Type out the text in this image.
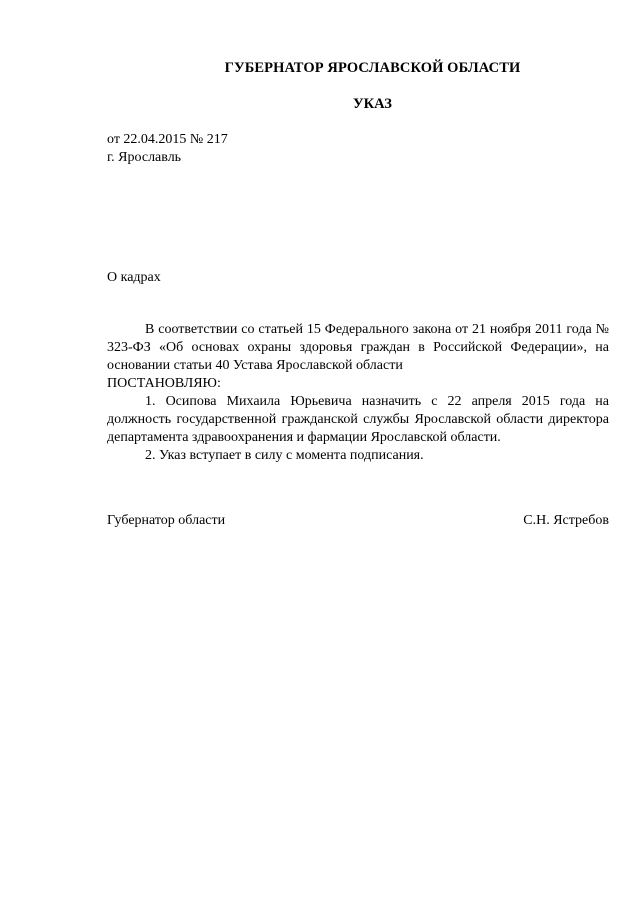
ГУБЕРНАТОР ЯРОСЛАВСКОЙ ОБЛАСТИ
УКАЗ
от 22.04.2015 № 217
г. Ярославль
О кадрах

В соответствии со статьей 15 Федерального закона от 21 ноября 2011 года № 323-ФЗ «Об основах охраны здоровья граждан в Российской Федерации», на основании статьи 40 Устава Ярославской области

ПОСТАНОВЛЯЮ:

1. Осипова Михаила Юрьевича назначить с 22 апреля 2015 года на должность государственной гражданской службы Ярославской области директора департамента здравоохранения и фармации Ярославской области.

2. Указ вступает в силу с момента подписания.

Губернатор области	С.Н. Ястребов
